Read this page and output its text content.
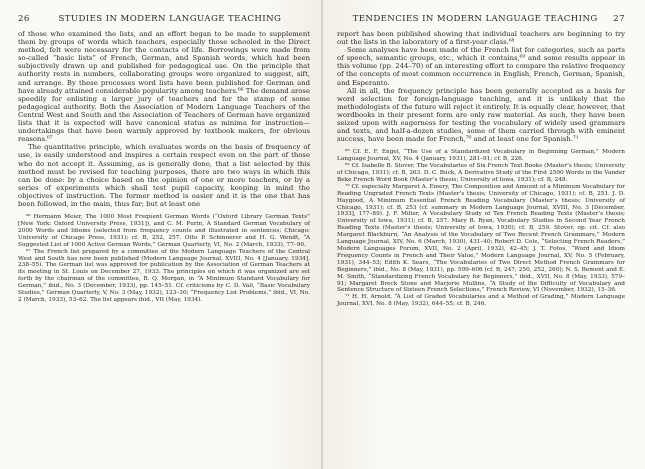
26	STUDIES IN MODERN LANGUAGE TEACHING

of those who examined the lists, and an effort began to be made to supplement them by groups of words which teachers, especially those schooled in the Direct method, felt were necessary for the contacts of life. Borrowings were made from so-called “basic lists” of French, German, and Spanish words, which had been subjectively drawn up and published for pedagogical use. On the principle that authority rests in numbers, collaborating groups were organized to suggest, sift, and arrange. By these processes word lists have been published for German and have already attained considerable popularity among teachers.⁶⁶ The demand arose speedily for enlisting a larger jury of teachers and for the stamp of some pedagogical authority. Both the Association of Modern Language Teachers of the Central West and South and the Association of Teachers of German have organized lists that it is expected will have canonical status as minima for instruction—undertakings that have been warmly approved by textbook makers, for obvious reasons.⁶⁷

The quantitative principle, which evaluates words on the basis of frequency of use, is easily understood and inspires a certain respect even on the part of those who do not accept it. Assuming, as is generally done, that a list selected by this method must be revised for teaching purposes, there are two ways in which this can be done: by a choice based on the opinion of one or more teachers, or by a series of experiments which shall test pupil capacity, keeping in mind the objectives of instruction. The former method is easier and it is the one that has been followed, in the main, thus far; but at least one

⁶⁶ Hermann Meier, The 1000 Most Frequent German Words (“Oxford Library German Texts” [New York: Oxford University Press, 1931]), and C. M. Purin, A Standard German Vocabulary of 2000 Words and Idioms (selected from frequency counts and illustrated in sentences; Chicago: University of Chicago Press, 1931); cf. B, 252, 257. Otto P. Schinnerer and H. G. Wendt, “A Suggested List of 1000 Active German Words,” German Quarterly, VI, No. 2 (March, 1933), 77–90.

⁶⁷ The French list prepared by a committee of the Modern Language Teachers of the Central West and South has now been published (Modern Language Journal, XVIII, No. 4 [January, 1934], 238–55). The German list was approved for publication by the Association of German Teachers at its meeting in St. Louis on December 27, 1933. The principles on which it was organized are set forth by the chairman of the committee, B. Q. Morgan, in “A Minimum Standard Vocabulary for German,” ibid., No. 3 (December, 1933), pp. 145–51. Cf. criticisms by C. D. Vail, “Basic Vocabulary Studies,” German Quarterly, V, No. 3 (May, 1932), 123–30; “Frequency List Problems,” ibid., VI, No. 2 (March, 1933), 53–62. The list appears ibid., VII (May, 1934).

TENDENCIES IN MODERN LANGUAGE TEACHING	27

report has been published showing that individual teachers are beginning to try out the lists in the laboratory of a first-year class.⁶⁸

Some analyses have been made of the French list for categories, such as parts of speech, semantic groups, etc., which it contains,⁶⁹ and some results appear in this volume (pp. 244–70) of an interesting effort to compare the relative frequency of the concepts of most common occurrence in English, French, German, Spanish, and Esperanto.

All in all, the frequency principle has been generally accepted as a basis for word selection for foreign-language teaching, and it is unlikely that the methodologists of the future will reject it entirely. It is equally clear, however, that wordbooks in their present form are only raw material. As such, they have been seized upon with eagerness for testing the vocabulary of widely used grammars and texts, and half-a-dozen studies, some of them carried through with eminent success, have been made for French,⁷⁰ and at least one for Spanish.⁷¹

⁶⁸ Cf. E. F. Engel, “The Use of a Standardized Vocabulary in Beginning German,” Modern Language Journal, XV, No. 4 (January, 1931), 281–91; cf. B, 226.

⁶⁹ Cf. Isabelle B. Stover, The Vocabularies of Six French Text Books (Master’s thesis; University of Chicago, 1931); cf. B, 263. D. C. Buck, A Derivative Study of the First 2500 Words in the Vander Beke French Word Book (Master’s thesis; University of Iowa, 1931); cf. B, 248.

⁷⁰ Cf. especially Margaret A. Emery, The Composition and Amount of a Minimum Vocabulary for Reading Ungraded French Texts (Master’s thesis; University of Chicago, 1931); cf. B, 251. J. D. Haygood, A Minimum Essential French Reading Vocabulary (Master’s thesis; University of Chicago, 1931); cf. B, 253 (cf. summary in Modern Language Journal, XVIII, No. 3 [December, 1933], 177–89). J. F. Miller, A Vocabulary Study of Ten French Reading Texts (Master’s thesis; University of Iowa, 1931); cf. B, 257. Mary B. Ryan, Vocabulary Studies in Second Year French Reading Texts (Master’s thesis; University of Iowa, 1930); cf. B, 259. Stover, op. cit. Cf. also Margaret Blackburn, “An Analysis of the Vocabulary of Two Recent French Grammars,” Modern Language Journal, XIV, No. 6 (March, 1930), 431–40; Robert D. Cole, “Selecting French Readers,” Modern Languages Forum, XVII, No. 2 (April, 1932), 42–45; J. T. Fotos, “Word and Idiom Frequency Counts in French and Their Value,” Modern Language Journal, XV, No. 5 (February, 1931), 344–53; Edith K. Sears, “The Vocabularies of Two Direct Method French Grammars for Beginners,” ibid., No. 8 (May, 1931), pp. 599–606 (cf. B, 247, 250, 252, 260); N. S. Bement and E. M. Smith, “Standardizing French Vocabulary for Beginners,” ibid., XVII, No. 8 (May, 1933), 579–91; Margaret Breck Stone and Marjorie Mullins, “A Study of the Difficulty of Vocabulary and Sentence Structure of Sixteen French Selections,” French Review, VI (November, 1932), 15–36.

⁷¹ H. H. Arnold, “A List of Graded Vocabularies and a Method of Grading,” Modern Language Journal, XVI, No. 8 (May, 1932), 644–55; cf. B, 246.
